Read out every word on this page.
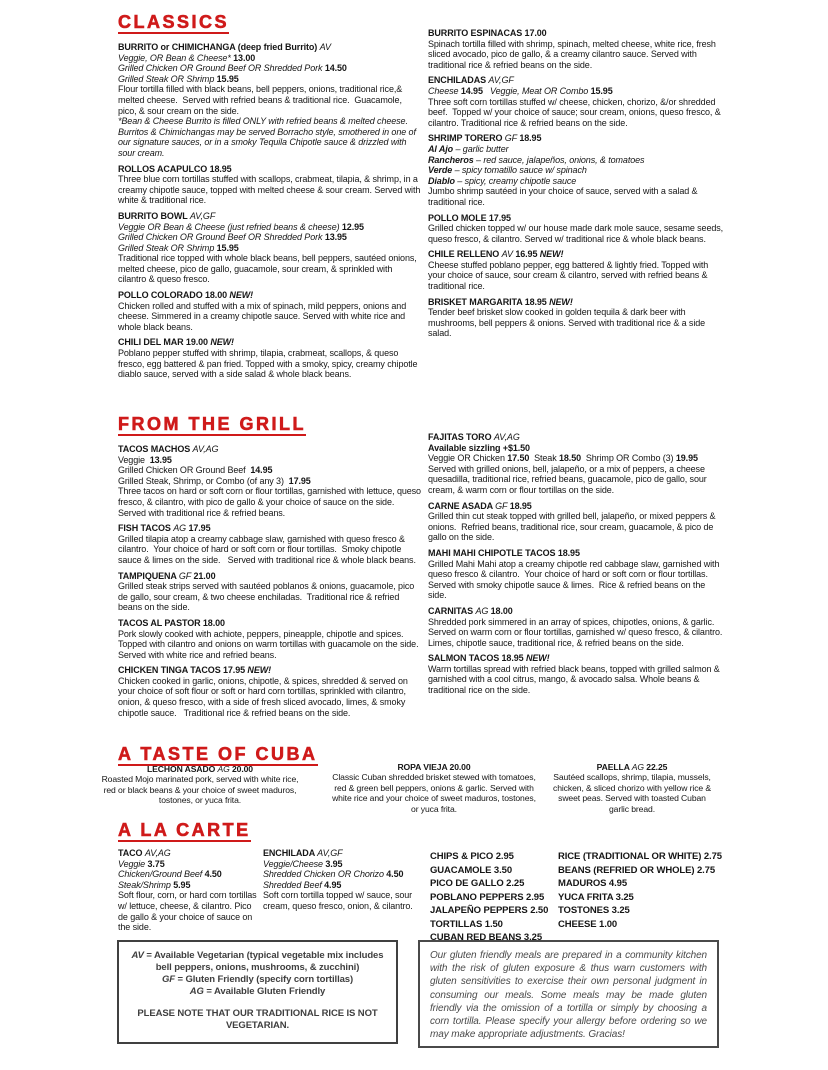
CLASSICS
FROM THE GRILL
A TASTE OF CUBA
A LA CARTE
BURRITO or CHIMICHANGA (deep fried Burrito) AV
Veggie, OR Bean & Cheese* 13.00
Grilled Chicken OR Ground Beef OR Shredded Pork 14.50
Grilled Steak OR Shrimp 15.95
Flour tortilla filled with black beans, bell peppers, onions, traditional rice,& melted cheese.  Served with refried beans & traditional rice.  Guacamole, pico, & sour cream on the side.
*Bean & Cheese Burrito is filled ONLY with refried beans & melted cheese. Burritos & Chimichangas may be served Borracho style, smothered in one of our signature sauces, or in a smoky Tequila Chipotle sauce & drizzled with sour cream.
ROLLOS ACAPULCO 18.95
Three blue corn tortillas stuffed with scallops, crabmeat, tilapia, & shrimp, in a creamy chipotle sauce, topped with melted cheese & sour cream. Served with white & traditional rice.
BURRITO BOWL AV,GF
Veggie OR Bean & Cheese (just refried beans & cheese) 12.95
Grilled Chicken OR Ground Beef OR Shredded Pork 13.95
Grilled Steak OR Shrimp 15.95
Traditional rice topped with whole black beans, bell peppers, sautéed onions, melted cheese, pico de gallo, guacamole, sour cream, & sprinkled with cilantro & queso fresco.
POLLO COLORADO 18.00 NEW!
Chicken rolled and stuffed with a mix of spinach, mild peppers, onions and cheese. Simmered in a creamy chipotle sauce. Served with white rice and whole black beans.
CHILI DEL MAR 19.00 NEW!
Poblano pepper stuffed with shrimp, tilapia, crabmeat, scallops, & queso fresco, egg battered & pan fried. Topped with a smoky, spicy, creamy chipotle diablo sauce, served with a side salad & whole black beans.
BURRITO ESPINACAS 17.00
Spinach tortilla filled with shrimp, spinach, melted cheese, white rice, fresh sliced avocado, pico de gallo, & a creamy cilantro sauce. Served with traditional rice & refried beans on the side.
ENCHILADAS AV,GF
Cheese 14.95   Veggie, Meat OR Combo 15.95
Three soft corn tortillas stuffed w/ cheese, chicken, chorizo, &/or shredded beef.  Topped w/ your choice of sauce; sour cream, onions, queso fresco, & cilantro. Traditional rice & refried beans on the side.
SHRIMP TORERO GF 18.95
Al Ajo – garlic butter
Rancheros – red sauce, jalapeños, onions, & tomatoes
Verde – spicy tomatillo sauce w/ spinach
Diablo – spicy, creamy chipotle sauce
Jumbo shrimp sautéed in your choice of sauce, served with a salad & traditional rice.
POLLO MOLE 17.95
Grilled chicken topped w/ our house made dark mole sauce, sesame seeds, queso fresco, & cilantro. Served w/ traditional rice & whole black beans.
CHILE RELLENO AV 16.95 NEW!
Cheese stuffed poblano pepper, egg battered & lightly fried. Topped with your choice of sauce, sour cream & cilantro, served with refried beans & traditional rice.
BRISKET MARGARITA 18.95 NEW!
Tender beef brisket slow cooked in golden tequila & dark beer with mushrooms, bell peppers & onions. Served with traditional rice & a side salad.
TACOS MACHOS AV,AG
Veggie  13.95
Grilled Chicken OR Ground Beef  14.95
Grilled Steak, Shrimp, or Combo (of any 3)  17.95
Three tacos on hard or soft corn or flour tortillas, garnished with lettuce, queso fresco, & cilantro, with pico de gallo & your choice of sauce on the side.  Served with traditional rice & refried beans.
FISH TACOS AG 17.95
Grilled tilapia atop a creamy cabbage slaw, garnished with queso fresco & cilantro.  Your choice of hard or soft corn or flour tortillas.  Smoky chipotle sauce & limes on the side.   Served with traditional rice & whole black beans.
TAMPIQUENA GF 21.00
Grilled steak strips served with sautéed poblanos & onions, guacamole, pico de gallo, sour cream, & two cheese enchiladas.  Traditional rice & refried beans on the side.
TACOS AL PASTOR 18.00
Pork slowly cooked with achiote, peppers, pineapple, chipotle and spices. Topped with cilantro and onions on warm tortillas with guacamole on the side. Served with white rice and refried beans.
CHICKEN TINGA TACOS 17.95 NEW!
Chicken cooked in garlic, onions, chipotle, & spices, shredded & served on your choice of soft flour or soft or hard corn tortillas, sprinkled with cilantro, onion, & queso fresco, with a side of fresh sliced avocado, limes, & smoky chipotle sauce.   Traditional rice & refried beans on the side.
FAJITAS TORO AV,AG
Available sizzling +$1.50
Veggie OR Chicken 17.50  Steak 18.50  Shrimp OR Combo (3) 19.95
Served with grilled onions, bell, jalapeño, or a mix of peppers, a cheese quesadilla, traditional rice, refried beans, guacamole, pico de gallo, sour cream, & warm corn or flour tortillas on the side.
CARNE ASADA GF 18.95
Grilled thin cut steak topped with grilled bell, jalapeño, or mixed peppers & onions.  Refried beans, traditional rice, sour cream, guacamole, & pico de gallo on the side.
MAHI MAHI CHIPOTLE TACOS 18.95
Grilled Mahi Mahi atop a creamy chipotle red cabbage slaw, garnished with queso fresco & cilantro.  Your choice of hard or soft corn or flour tortillas. Served with smoky chipotle sauce & limes.  Rice & refried beans on the side.
CARNITAS AG 18.00
Shredded pork simmered in an array of spices, chipotles, onions, & garlic.  Served on warm corn or flour tortillas, garnished w/ queso fresco, & cilantro. Limes, chipotle sauce, traditional rice, & refried beans on the side.
SALMON TACOS 18.95 NEW!
Warm tortillas spread with refried black beans, topped with grilled salmon & garnished with a cool citrus, mango, & avocado salsa. Whole beans & traditional rice on the side.
LECHON ASADO AG 20.00
Roasted Mojo marinated pork, served with white rice, red or black beans & your choice of sweet maduros, tostones, or yuca frita.
ROPA VIEJA 20.00
Classic Cuban shredded brisket stewed with tomatoes, red & green bell peppers, onions & garlic. Served with white rice and your choice of sweet maduros, tostones, or yuca frita.
PAELLA AG 22.25
Sautéed scallops, shrimp, tilapia, mussels, chicken, & sliced chorizo with yellow rice & sweet peas. Served with toasted Cuban garlic bread.
TACO AV,AG
Veggie 3.75
Chicken/Ground Beef 4.50
Steak/Shrimp 5.95
Soft flour, corn, or hard corn tortillas w/ lettuce, cheese, & cilantro. Pico de gallo & your choice of sauce on the side.
ENCHILADA AV,GF
Veggie/Cheese 3.95
Shredded Chicken OR Chorizo 4.50
Shredded Beef 4.95
Soft corn tortilla topped w/ sauce, sour cream, queso fresco, onion, & cilantro.
CHIPS & PICO 2.95
GUACAMOLE 3.50
PICO DE GALLO 2.25
POBLANO PEPPERS 2.95
JALAPEÑO PEPPERS 2.50
TORTILLAS 1.50
CUBAN RED BEANS 3.25
RICE (TRADITIONAL OR WHITE) 2.75
BEANS (REFRIED OR WHOLE) 2.75
MADUROS 4.95
YUCA FRITA 3.25
TOSTONES 3.25
CHEESE 1.00
AV = Available Vegetarian (typical vegetable mix includes bell peppers, onions, mushrooms, & zucchini)
GF = Gluten Friendly (specify corn tortillas)
AG = Available Gluten Friendly
PLEASE NOTE THAT OUR TRADITIONAL RICE IS NOT VEGETARIAN.
Our gluten friendly meals are prepared in a community kitchen with the risk of gluten exposure & thus warn customers with gluten sensitivities to exercise their own personal judgment in consuming our meals. Some meals may be made gluten friendly via the omission of a tortilla or simply by choosing a corn tortilla. Please specify your allergy before ordering so we may make appropriate adjustments. Gracias!
